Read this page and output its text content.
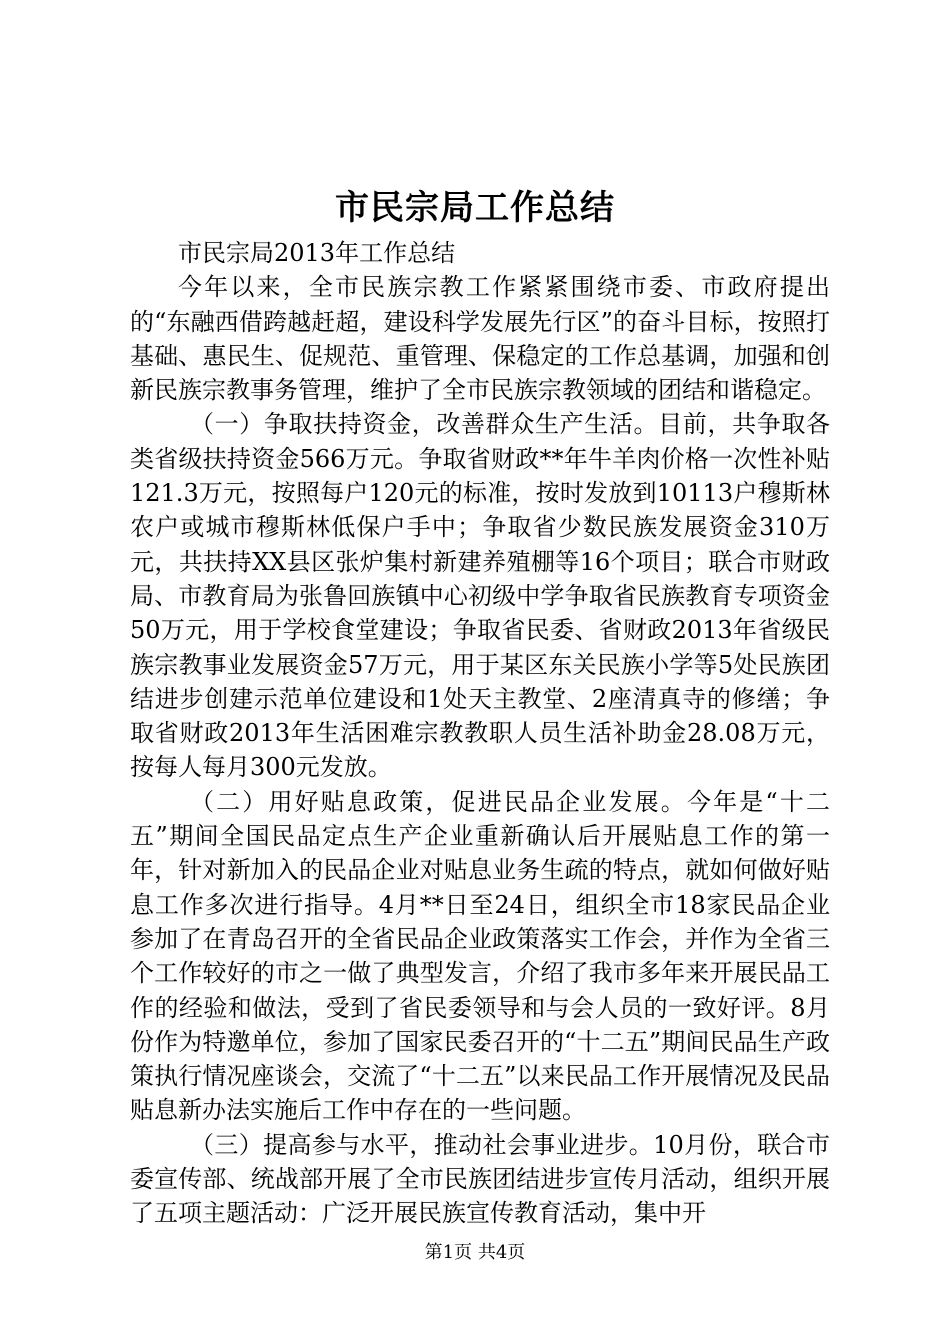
市民宗局工作总结

市民宗局2013年工作总结

今年以来，全市民族宗教工作紧紧围绕市委、市政府提出的“东融西借跨越赶超，建设科学发展先行区”的奋斗目标，按照打基础、惠民生、促规范、重管理、保稳定的工作总基调，加强和创新民族宗教事务管理，维护了全市民族宗教领域的团结和谐稳定。

（一）争取扶持资金，改善群众生产生活。目前，共争取各类省级扶持资金566万元。争取省财政**年牛羊肉价格一次性补贴121.3万元，按照每户120元的标准，按时发放到10113户穆斯林农户或城市穆斯林低保户手中；争取省少数民族发展资金310万元，共扶持XX县区张炉集村新建养殖棚等16个项目；联合市财政局、市教育局为张鲁回族镇中心初级中学争取省民族教育专项资金50万元，用于学校食堂建设；争取省民委、省财政2013年省级民族宗教事业发展资金57万元，用于某区东关民族小学等5处民族团结进步创建示范单位建设和1处天主教堂、2座清真寺的修缮；争取省财政2013年生活困难宗教教职人员生活补助金28.08万元，按每人每月300元发放。

（二）用好贴息政策，促进民品企业发展。今年是“十二五”期间全国民品定点生产企业重新确认后开展贴息工作的第一年，针对新加入的民品企业对贴息业务生疏的特点，就如何做好贴息工作多次进行指导。4月**日至24日，组织全市18家民品企业参加了在青岛召开的全省民品企业政策落实工作会，并作为全省三个工作较好的市之一做了典型发言，介绍了我市多年来开展民品工作的经验和做法，受到了省民委领导和与会人员的一致好评。8月份作为特邀单位，参加了国家民委召开的“十二五”期间民品生产政策执行情况座谈会，交流了“十二五”以来民品工作开展情况及民品贴息新办法实施后工作中存在的一些问题。

（三）提高参与水平，推动社会事业进步。10月份，联合市委宣传部、统战部开展了全市民族团结进步宣传月活动，组织开展了五项主题活动：广泛开展民族宣传教育活动，集中开

第1页 共4页
